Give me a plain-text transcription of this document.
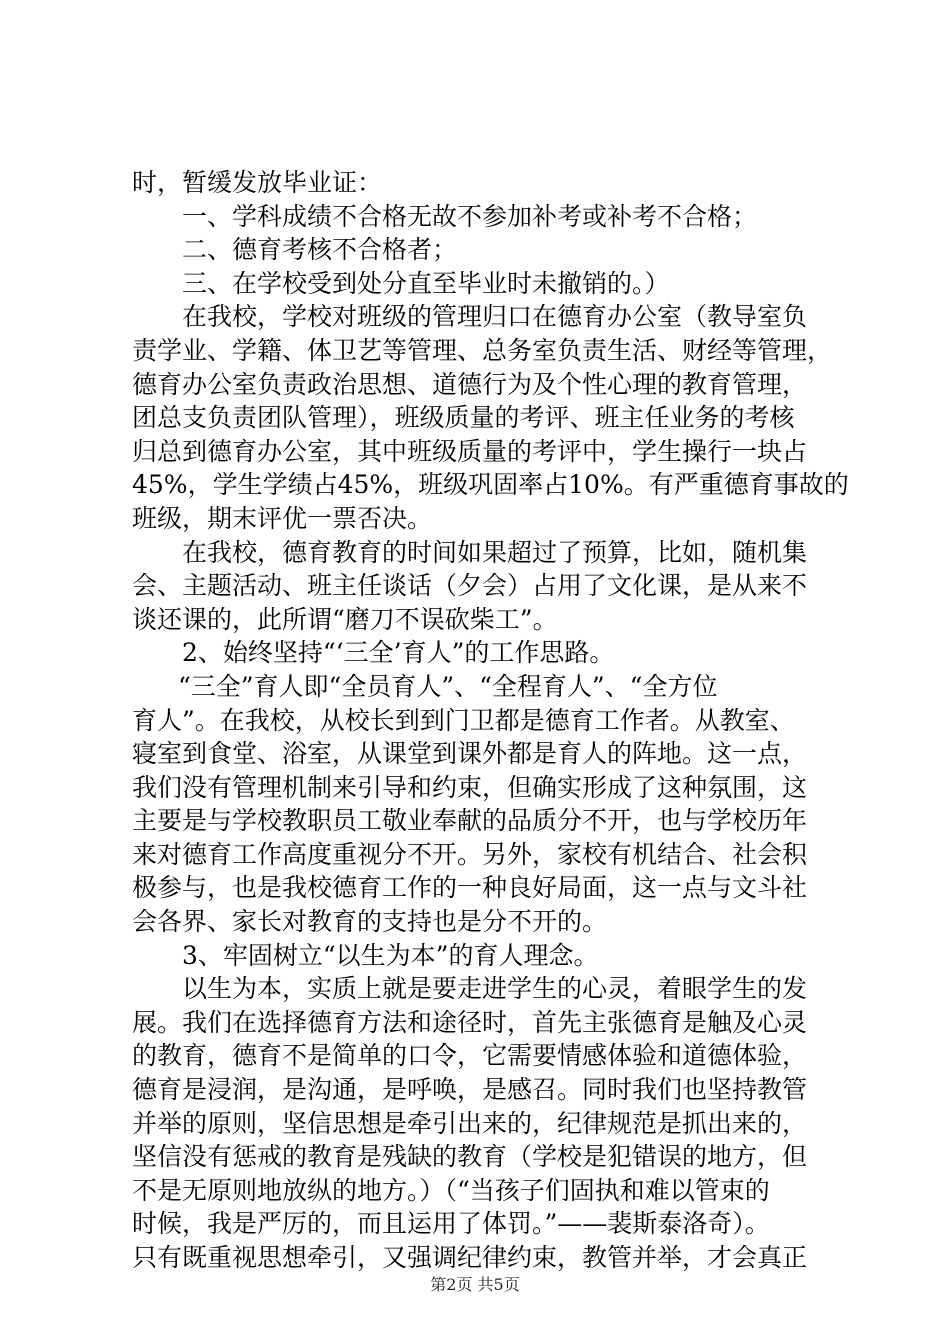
时，暂缓发放毕业证：
一、学科成绩不合格无故不参加补考或补考不合格；
二、德育考核不合格者；
三、在学校受到处分直至毕业时未撤销的。）
在我校，学校对班级的管理归口在德育办公室（教导室负
责学业、学籍、体卫艺等管理、总务室负责生活、财经等管理，
德育办公室负责政治思想、道德行为及个性心理的教育管理，
团总支负责团队管理），班级质量的考评、班主任业务的考核
归总到德育办公室，其中班级质量的考评中，学生操行一块占
45%，学生学绩占45%，班级巩固率占10%。有严重德育事故的
班级，期末评优一票否决。
在我校，德育教育的时间如果超过了预算，比如，随机集
会、主题活动、班主任谈话（夕会）占用了文化课，是从来不
谈还课的，此所谓“磨刀不误砍柴工”。
2、始终坚持“‘三全’育人”的工作思路。
“三全”育人即“全员育人”、“全程育人”、“全方位
育人”。在我校，从校长到到门卫都是德育工作者。从教室、
寝室到食堂、浴室，从课堂到课外都是育人的阵地。这一点，
我们没有管理机制来引导和约束，但确实形成了这种氛围，这
主要是与学校教职员工敬业奉献的品质分不开，也与学校历年
来对德育工作高度重视分不开。另外，家校有机结合、社会积
极参与，也是我校德育工作的一种良好局面，这一点与文斗社
会各界、家长对教育的支持也是分不开的。
3、牢固树立“以生为本”的育人理念。
以生为本，实质上就是要走进学生的心灵，着眼学生的发
展。我们在选择德育方法和途径时，首先主张德育是触及心灵
的教育，德育不是简单的口令，它需要情感体验和道德体验，
德育是浸润，是沟通，是呼唤，是感召。同时我们也坚持教管
并举的原则，坚信思想是牵引出来的，纪律规范是抓出来的，
坚信没有惩戒的教育是残缺的教育（学校是犯错误的地方，但
不是无原则地放纵的地方。）（“当孩子们固执和难以管束的
时候，我是严厉的，而且运用了体罚。”——裴斯泰洛奇）。
只有既重视思想牵引，又强调纪律约束，教管并举，才会真正
第2页 共5页
